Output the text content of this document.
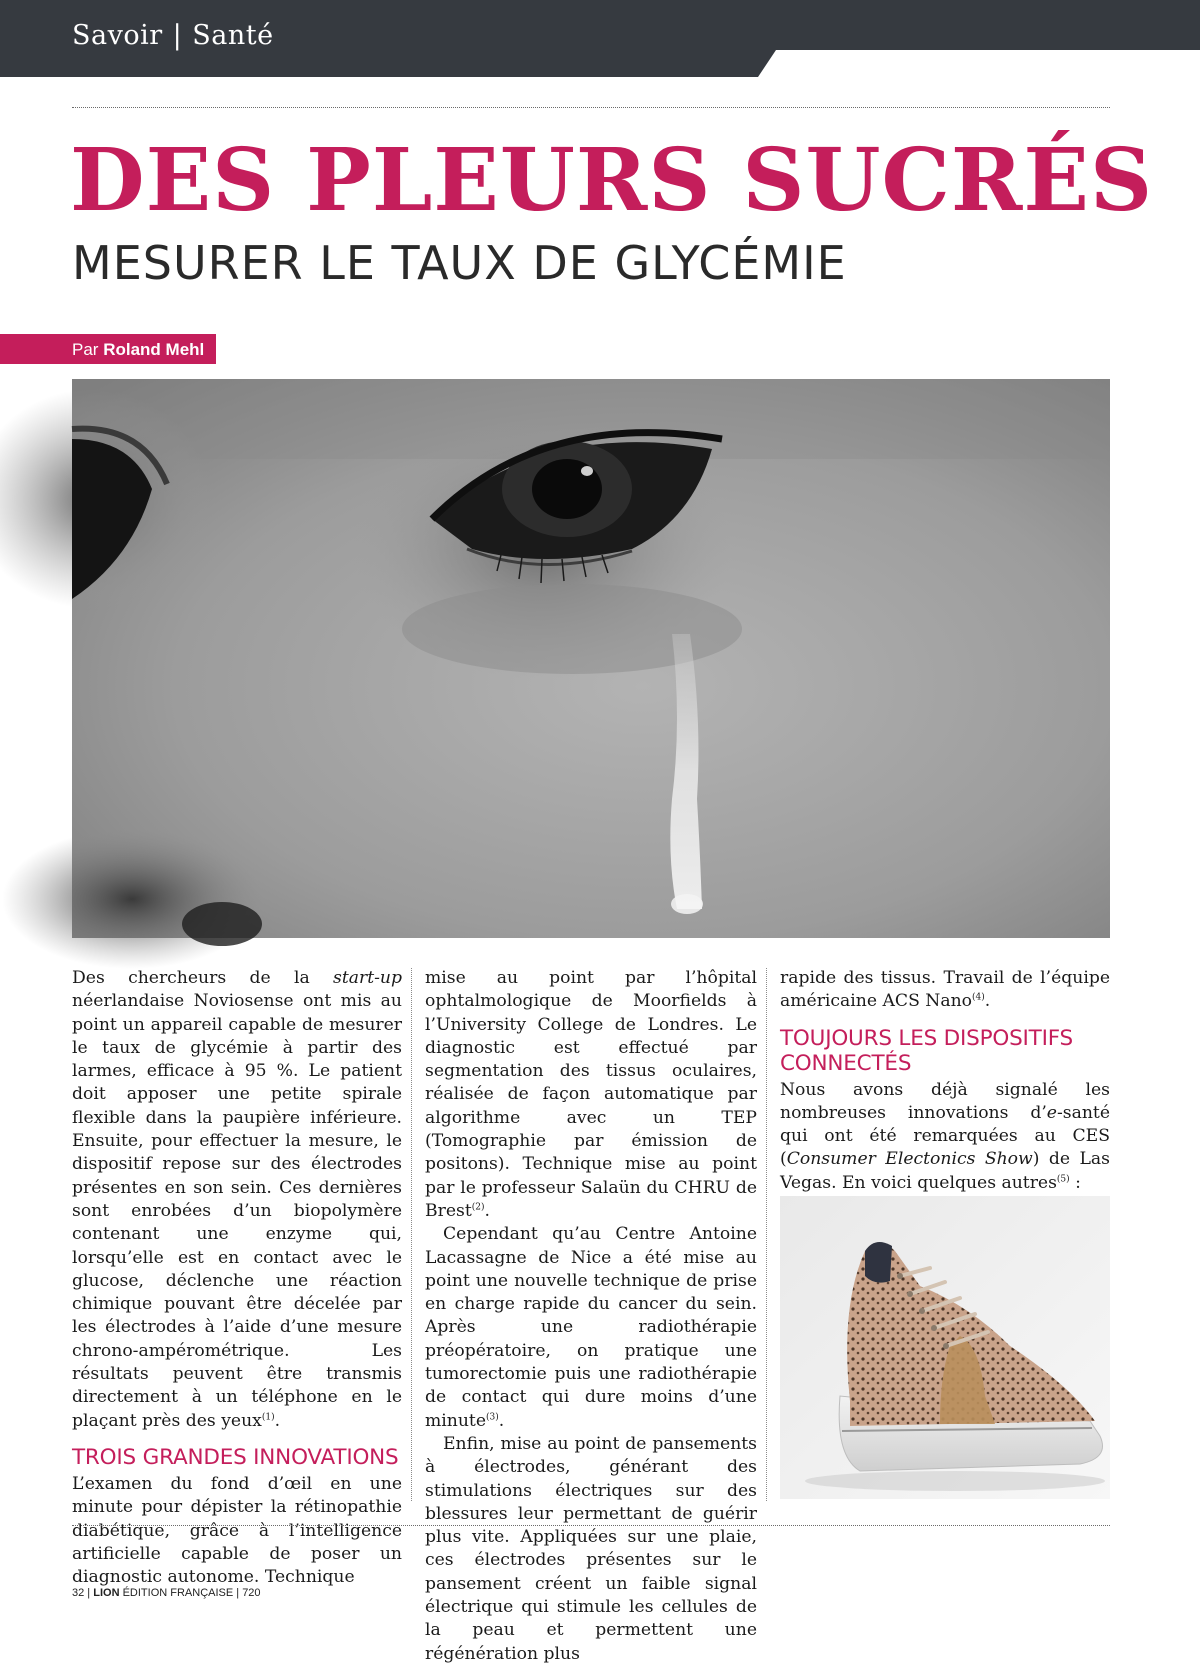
Savoir | Santé
DES PLEURS SUCRÉS
MESURER LE TAUX DE GLYCÉMIE
Par Roland Mehl

Des chercheurs de la start-up néerlandaise Noviosense ont mis au point un appareil capable de mesurer le taux de glycémie à partir des larmes, efficace à 95 %. Le patient doit apposer une petite spirale flexible dans la paupière inférieure. Ensuite, pour effectuer la mesure, le dispositif repose sur des électrodes présentes en son sein. Ces dernières sont enrobées d’un biopolymère contenant une enzyme qui, lorsqu’elle est en contact avec le glucose, déclenche une réaction chimique pouvant être décelée par les électrodes à l’aide d’une mesure chrono-ampérométrique. Les résultats peuvent être transmis directement à un téléphone en le plaçant près des yeux$^{(1)}$.

TROIS GRANDES INNOVATIONS

L’examen du fond d’œil en une minute pour dépister la rétinopathie diabétique, grâce à l’intelligence artificielle capable de poser un diagnostic autonome. Technique

mise au point par l’hôpital ophtalmologique de Moorfields à l’University College de Londres. Le diagnostic est effectué par segmentation des tissus oculaires, réalisée de façon automatique par algorithme avec un TEP (Tomographie par émission de positons). Technique mise au point par le professeur Salaün du CHRU de Brest$^{(2)}$.

Cependant qu’au Centre Antoine Lacassagne de Nice a été mise au point une nouvelle technique de prise en charge rapide du cancer du sein. Après une radiothérapie préopératoire, on pratique une tumorectomie puis une radiothérapie de contact qui dure moins d’une minute$^{(3)}$.

Enfin, mise au point de pansements à électrodes, générant des stimulations électriques sur des blessures leur permettant de guérir plus vite. Appliquées sur une plaie, ces électrodes présentes sur le pansement créent un faible signal électrique qui stimule les cellules de la peau et permettent une régénération plus

rapide des tissus. Travail de l’équipe américaine ACS Nano$^{(4)}$.

TOUJOURS LES DISPOSITIFS CONNECTÉS

Nous avons déjà signalé les nombreuses innovations d’e-santé qui ont été remarquées au CES (Consumer Electonics Show) de Las Vegas. En voici quelques autres$^{(5)}$ :

32 | LION ÉDITION FRANÇAISE | 720
